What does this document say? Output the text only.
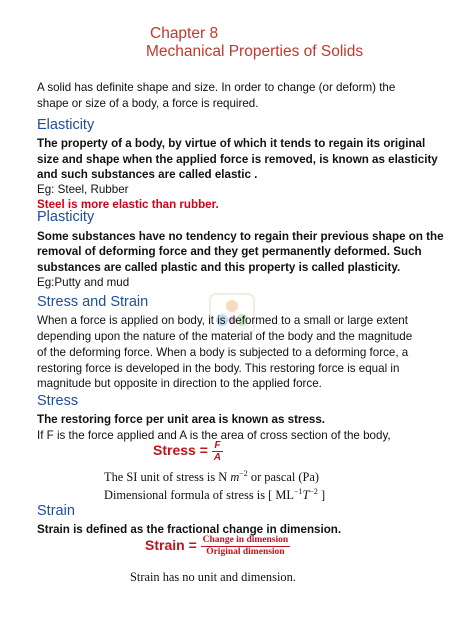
Chapter 8
Mechanical Properties of Solids
A solid has definite shape and size. In order to change (or deform) the
shape or size of a body, a force is required.
Elasticity
The property of a body, by virtue of which it tends to regain its original
size and shape when the applied force is removed, is known as elasticity
and such substances are called elastic .
Eg: Steel, Rubber
Steel is more elastic than rubber.
Plasticity
Some substances have no tendency to regain their previous shape on the
removal of deforming force and they get permanently deformed. Such
substances are called plastic and this property is called plasticity.
Eg:Putty and mud
Stress and Strain
When a force is applied on body, it is deformed to a small or large extent
depending upon the nature of the material of the body and the magnitude
of the deforming force. When a body is subjected to a deforming force, a
restoring force is developed in the body. This restoring force is equal in
magnitude but opposite in direction to the applied force.
Stress
The restoring force per unit area is known as stress.
If F is the force applied and A is the area of cross section of the body,
Stress = $\frac{F}{A}$
The SI unit of stress is N $m^{-2}$ or pascal (Pa)
Dimensional formula of stress is [ $ML^{-1}T^{-2}$ ]
Strain
Strain is defined as the fractional change in dimension.
Strain = $\frac{\text{Change in dimension}}{\text{Original dimension}}$
Strain has no unit and dimension.
